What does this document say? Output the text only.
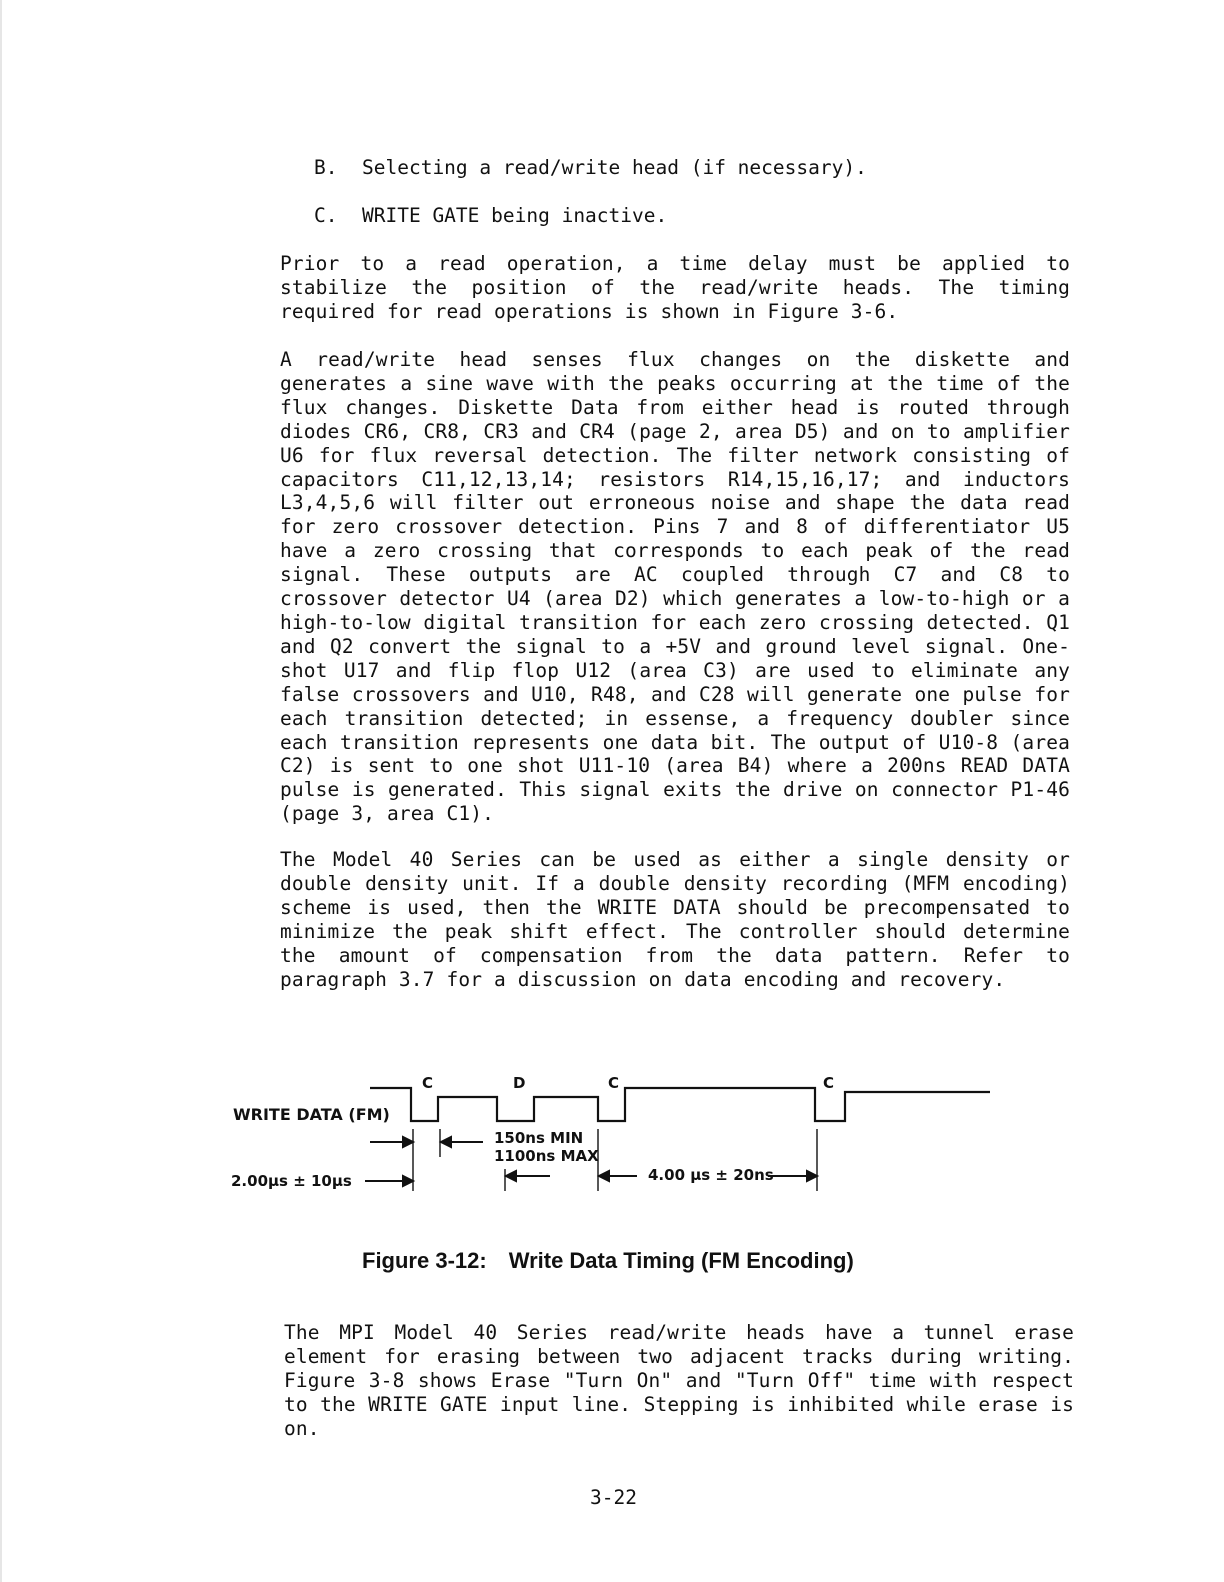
B. Selecting a read/write head (if necessary).
C. WRITE GATE being inactive.

Prior to a read operation, a time delay must be applied to stabilize the position of the read/write heads. The timing required for read operations is shown in Figure 3-6.

A read/write head senses flux changes on the diskette and generates a sine wave with the peaks occurring at the time of the flux changes. Diskette Data from either head is routed through diodes CR6, CR8, CR3 and CR4 (page 2, area D5) and on to amplifier U6 for flux reversal detection. The filter network consisting of capacitors C11,12,13,14; resistors R14,15,16,17; and inductors L3,4,5,6 will filter out erroneous noise and shape the data read for zero crossover detection. Pins 7 and 8 of differentiator U5 have a zero crossing that corresponds to each peak of the read signal. These outputs are AC coupled through C7 and C8 to crossover detector U4 (area D2) which generates a low-to-high or a high-to-low digital transition for each zero crossing detected. Q1 and Q2 convert the signal to a +5V and ground level signal. One-shot U17 and flip flop U12 (area C3) are used to eliminate any false crossovers and U10, R48, and C28 will generate one pulse for each transition detected; in essense, a frequency doubler since each transition represents one data bit. The output of U10-8 (area C2) is sent to one shot U11-10 (area B4) where a 200ns READ DATA pulse is generated. This signal exits the drive on connector P1-46 (page 3, area C1).

The Model 40 Series can be used as either a single density or double density unit. If a double density recording (MFM encoding) scheme is used, then the WRITE DATA should be precompensated to minimize the peak shift effect. The controller should determine the amount of compensation from the data pattern. Refer to paragraph 3.7 for a discussion on data encoding and recovery.

WRITE DATA (FM)
C	D	C	C
150ns MIN
1100ns MAX
2.00µs ± 10µs	4.00 µs ± 20ns
Figure 3-12: Write Data Timing (FM Encoding)

The MPI Model 40 Series read/write heads have a tunnel erase element for erasing between two adjacent tracks during writing. Figure 3-8 shows Erase "Turn On" and "Turn Off" time with respect to the WRITE GATE input line. Stepping is inhibited while erase is on.

3-22
